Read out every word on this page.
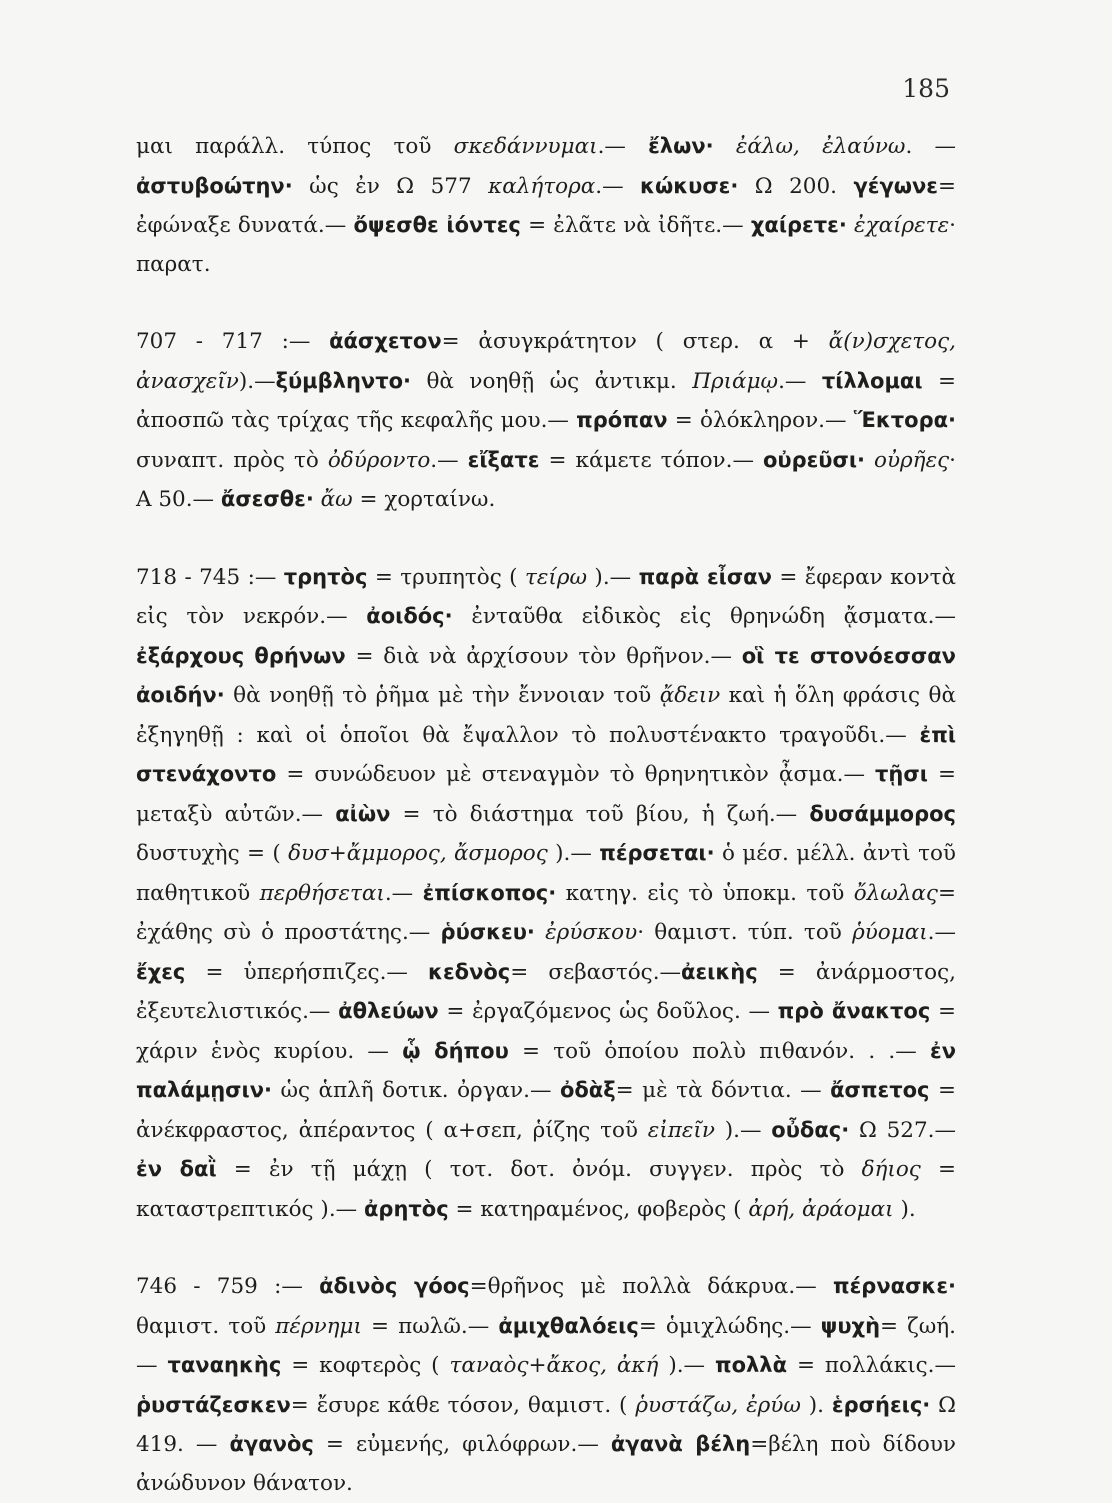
185

μαι παράλλ. τύπος τοῦ σκεδάννυμαι.— ἔλων· ἐάλω, ἐλαύνω. — ἀστυβοώτην· ὡς ἐν Ω 577 καλήτορα.— κώκυσε· Ω 200. γέγωνε= ἐφώναξε δυνατά.— ὄψεσθε ἰόντες = ἐλᾶτε νὰ ἰδῆτε.— χαίρετε· ἐχαίρετε· παρατ.

707 - 717 :— ἀάσχετον= ἀσυγκράτητον ( στερ. α + ἄ(ν)σχετος, ἀνασχεῖν).—ξύμβληντο· θὰ νοηθῇ ὡς ἀντικμ. Πριάμῳ.— τίλλομαι = ἀποσπῶ τὰς τρίχας τῆς κεφαλῆς μου.— πρόπαν = ὁλόκληρον.— Ἕκτορα· συναπτ. πρὸς τὸ ὀδύροντο.— εἴξατε = κάμετε τόπον.— οὐρεῦσι· οὐρῆες· Α 50.— ἄσεσθε· ἄω = χορταίνω.

718 - 745 :— τρητὸς = τρυπητὸς ( τείρω ).— παρὰ εἶσαν = ἔφεραν κοντὰ εἰς τὸν νεκρόν.— ἀοιδός· ἐνταῦθα εἰδικὸς εἰς θρηνώδη ᾄσματα.— ἐξάρχους θρήνων = διὰ νὰ ἀρχίσουν τὸν θρῆνον.— οἳ τε στονόεσσαν ἀοιδήν· θὰ νοηθῇ τὸ ῥῆμα μὲ τὴν ἔννοιαν τοῦ ᾄδειν καὶ ἡ ὅλη φράσις θὰ ἐξηγηθῇ : καὶ οἱ ὁποῖοι θὰ ἔψαλλον τὸ πολυστένακτο τραγοῦδι.— ἐπὶ στενάχοντο = συνώδευον μὲ στεναγμὸν τὸ θρηνητικὸν ᾆσμα.— τῇσι = μεταξὺ αὐτῶν.— αἰὼν = τὸ διάστημα τοῦ βίου, ἡ ζωή.— δυσάμμορος δυστυχὴς = ( δυσ+ἄμμορος, ἄσμορος ).— πέρσεται· ὁ μέσ. μέλλ. ἀντὶ τοῦ παθητικοῦ περθήσεται.— ἐπίσκοπος· κατηγ. εἰς τὸ ὑποκμ. τοῦ ὄλωλας= ἐχάθης σὺ ὁ προστάτης.— ῥύσκευ· ἐρύσκου· θαμιστ. τύπ. τοῦ ῥύομαι.— ἔχες = ὑπερήσπιζες.— κεδνὸς= σεβαστός.—ἀεικὴς = ἀνάρμοστος, ἐξευτελιστικός.— ἀθλεύων = ἐργαζόμενος ὡς δοῦλος. — πρὸ ἄνακτος = χάριν ἑνὸς κυρίου. — ᾧ δήπου = τοῦ ὁποίου πολὺ πιθανόν. . .— ἐν παλάμῃσιν· ὡς ἁπλῆ δοτικ. ὀργαν.— ὀδὰξ= μὲ τὰ δόντια. — ἄσπετος = ἀνέκφραστος, ἀπέραντος ( α+σεπ, ῥίζης τοῦ εἰπεῖν ).— οὖδας· Ω 527.— ἐν δαῒ = ἐν τῇ μάχῃ ( τοτ. δοτ. ὀνόμ. συγγεν. πρὸς τὸ δήιος = καταστρεπτικός ).— ἀρητὸς = κατηραμένος, φοβερὸς ( ἀρή, ἀράομαι ).

746 - 759 :— ἀδινὸς γόος=θρῆνος μὲ πολλὰ δάκρυα.— πέρνασκε· θαμιστ. τοῦ πέρνημι = πωλῶ.— ἀμιχθαλόεις= ὁμιχλώδης.— ψυχὴ= ζωή.— ταναηκὴς = κοφτερὸς ( ταναὸς+ἄκος, ἀκή ).— πολλὰ = πολλάκις.— ῥυστάζεσκεν= ἔσυρε κάθε τόσον, θαμιστ. ( ῥυστάζω, ἐρύω ). ἑρσήεις· Ω 419. — ἀγανὸς = εὐμενής, φιλόφρων.— ἀγανὰ βέλη=βέλη ποὺ δίδουν ἀνώδυνον θάνατον.
